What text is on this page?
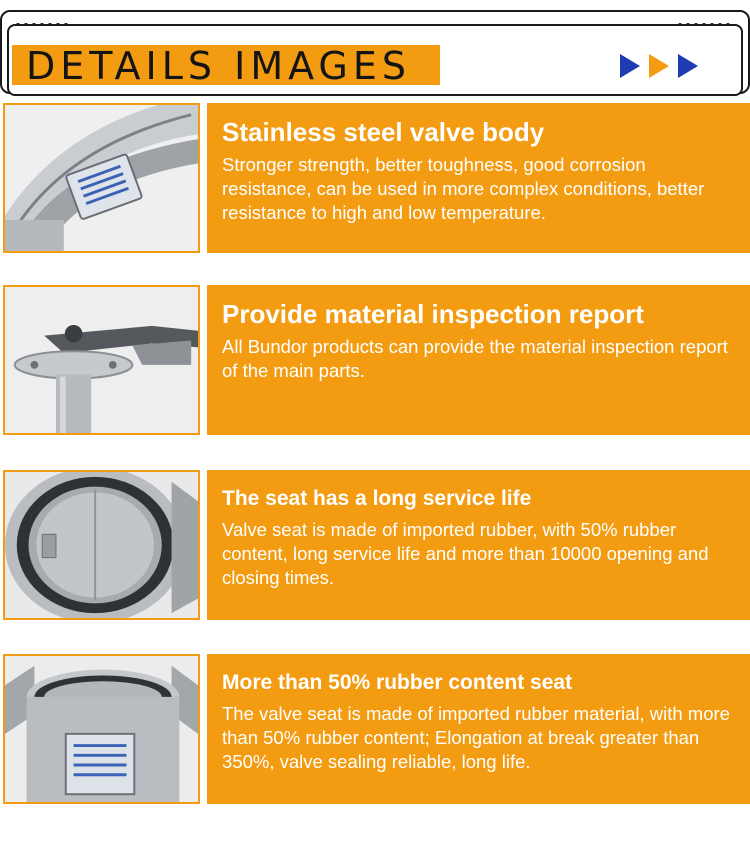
DETAILS IMAGES
Stainless steel valve body
Stronger strength, better toughness, good corrosion resistance, can be used in more complex conditions, better resistance to high and low temperature.
Provide material inspection report
All Bundor products can provide the material inspection report of the main parts.
The seat has a long service life
Valve seat is made of imported rubber, with 50% rubber content, long service life and more than 10000 opening and closing times.
More than 50% rubber content seat
The valve seat is made of imported rubber material, with more than 50% rubber content; Elongation at break greater than 350%, valve sealing reliable, long life.
